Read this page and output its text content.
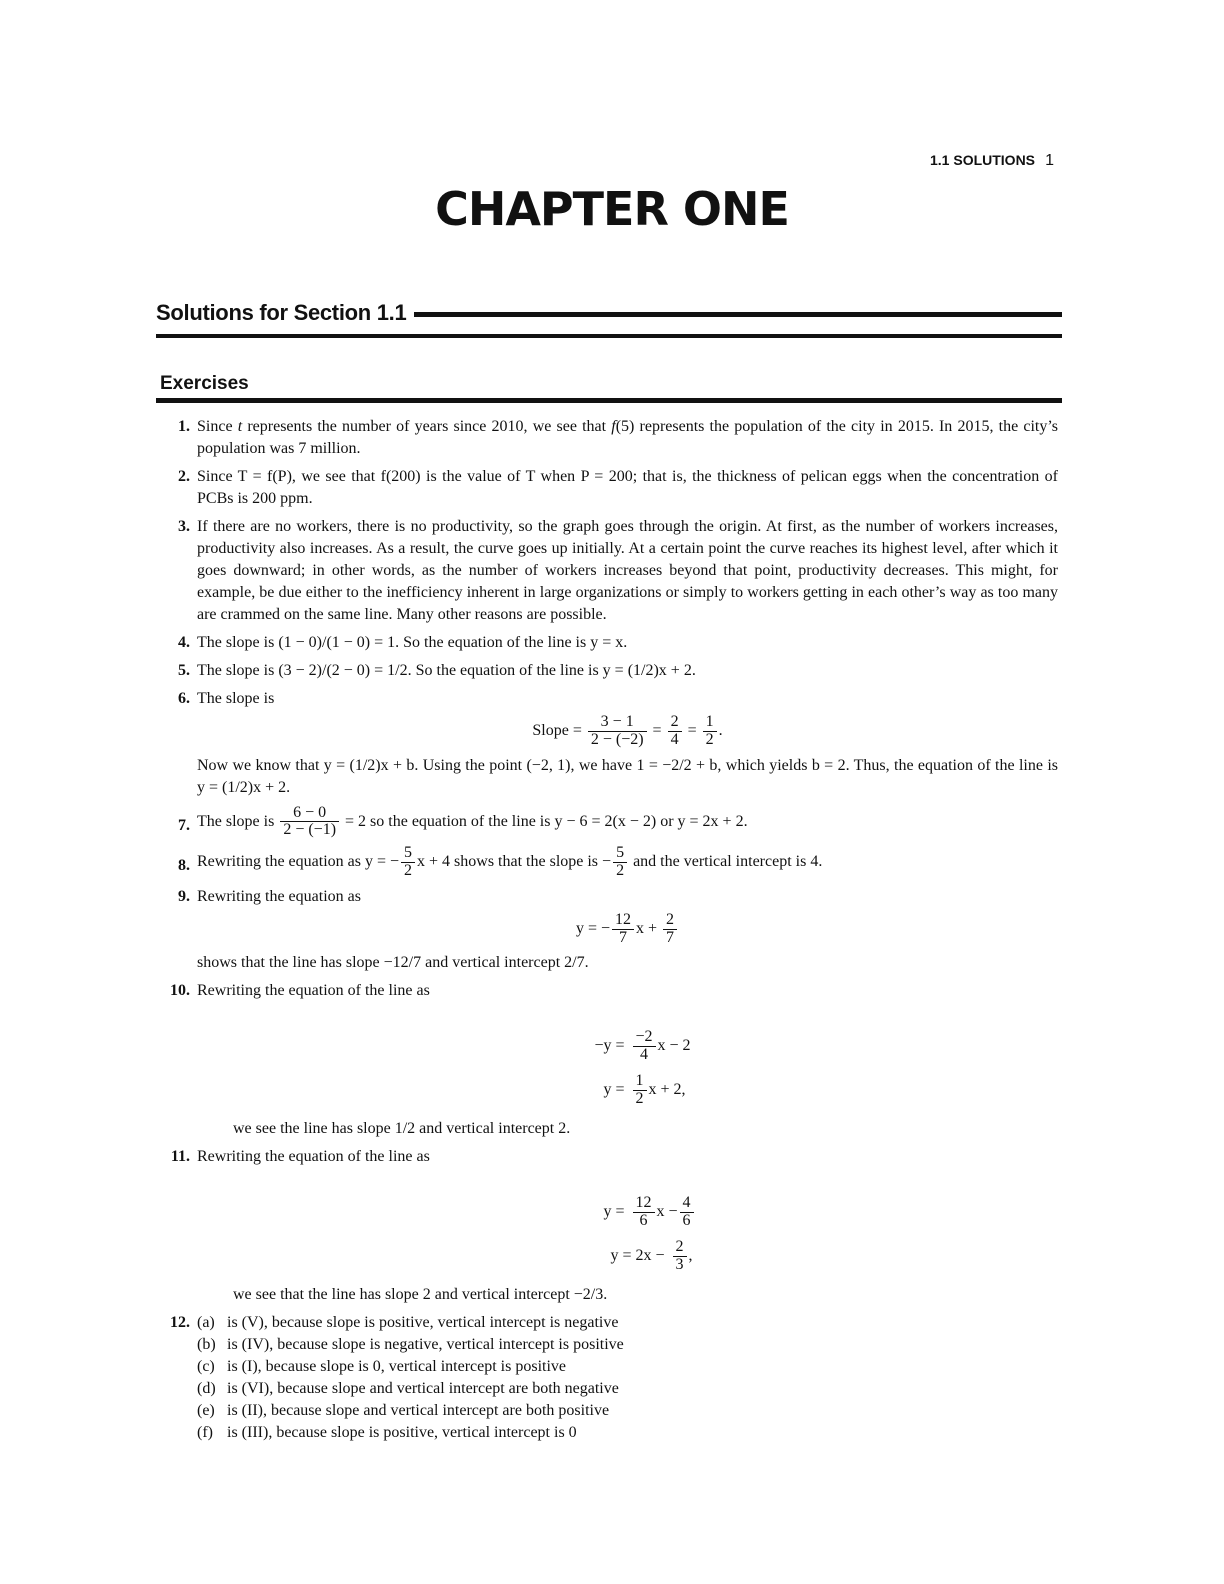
1.1 SOLUTIONS 1
CHAPTER ONE
Solutions for Section 1.1
Exercises
1. Since t represents the number of years since 2010, we see that f(5) represents the population of the city in 2015. In 2015, the city’s population was 7 million.

2. Since T = f(P), we see that f(200) is the value of T when P = 200; that is, the thickness of pelican eggs when the concentration of PCBs is 200 ppm.

3. If there are no workers, there is no productivity, so the graph goes through the origin. At first, as the number of workers increases, productivity also increases. As a result, the curve goes up initially. At a certain point the curve reaches its highest level, after which it goes downward; in other words, as the number of workers increases beyond that point, productivity decreases. This might, for example, be due either to the inefficiency inherent in large organizations or simply to workers getting in each other’s way as too many are crammed on the same line. Many other reasons are possible.

4. The slope is (1 − 0)/(1 − 0) = 1. So the equation of the line is y = x.

5. The slope is (3 − 2)/(2 − 0) = 1/2. So the equation of the line is y = (1/2)x + 2.

6. The slope is

Slope = $\frac{3 - 1}{2 - (-2)} = \frac{2}{4} = \frac{1}{2}$ .

Now we know that y = (1/2)x + b. Using the point (−2, 1), we have 1 = −2/2 + b, which yields b = 2. Thus, the equation of the line is y = (1/2)x + 2.

7. The slope is $\frac{6 - 0}{2 - (-1)} = 2$ so the equation of the line is y − 6 = 2(x − 2) or y = 2x + 2.

8. Rewriting the equation as y = − $\frac{5}{2}$ x + 4 shows that the slope is − $\frac{5}{2}$ and the vertical intercept is 4.

9. Rewriting the equation as

y = − $\frac{12}{7}$ $x + \frac{2}{7}$

shows that the line has slope −12/7 and vertical intercept 2/7.

10. Rewriting the equation of the line as

$-y = \frac{-2}{4}$ x − 2
$y = \frac{1}{2}$ x + 2,

we see the line has slope 1/2 and vertical intercept 2.

11. Rewriting the equation of the line as

$y = \frac{12}{6}$ $x - \frac{4}{6}$
$y = 2x - \frac{2}{3}$ ,

we see that the line has slope 2 and vertical intercept −2/3.

12. (a) is (V), because slope is positive, vertical intercept is negative
(b) is (IV), because slope is negative, vertical intercept is positive
(c) is (I), because slope is 0, vertical intercept is positive
(d) is (VI), because slope and vertical intercept are both negative
(e) is (II), because slope and vertical intercept are both positive
(f) is (III), because slope is positive, vertical intercept is 0
